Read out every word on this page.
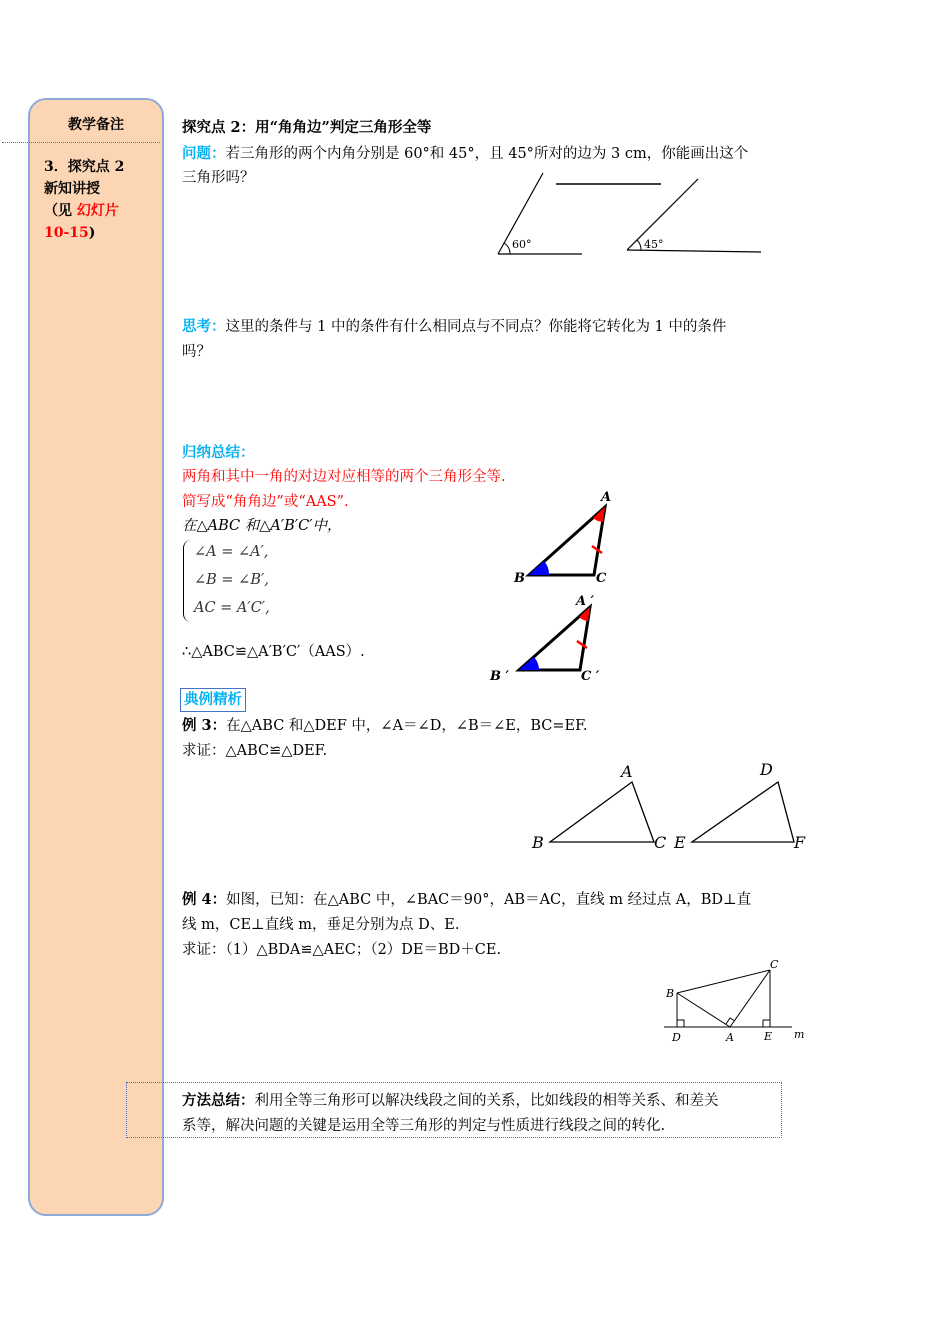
教学备注
3．探究点 2
新知讲授
（见 幻灯片
10-15)
探究点 2：用“角角边”判定三角形全等
问题：若三角形的两个内角分别是 60°和 45°，且 45°所对的边为 3 cm，你能画出这个
三角形吗？
60°	45°
思考：这里的条件与 1 中的条件有什么相同点与不同点？你能将它转化为 1 中的条件
吗？
归纳总结：
两角和其中一角的对边对应相等的两个三角形全等.
简写成“角角边”或“AAS”.
在△ABC 和△A′B′C′中，
∠A = ∠A′,
∠B = ∠B′,
AC = A′C′,
∴△ABC≌△A′B′C′（AAS）.
A
B	C
A ′
B ′	C ′
典例精析
例 3：在△ABC 和△DEF 中，∠A＝∠D，∠B＝∠E，BC=EF.
求证：△ABC≌△DEF.
A
B	C
D
E	F
例 4：如图，已知：在△ABC 中，∠BAC＝90°，AB＝AC，直线 m 经过点 A，BD⊥直
线 m，CE⊥直线 m，垂足分别为点 D、E.
求证：（1）△BDA≌△AEC；（2）DE＝BD＋CE.
B
C
D	A	E m
方法总结：利用全等三角形可以解决线段之间的关系，比如线段的相等关系、和差关
系等，解决问题的关键是运用全等三角形的判定与性质进行线段之间的转化.
